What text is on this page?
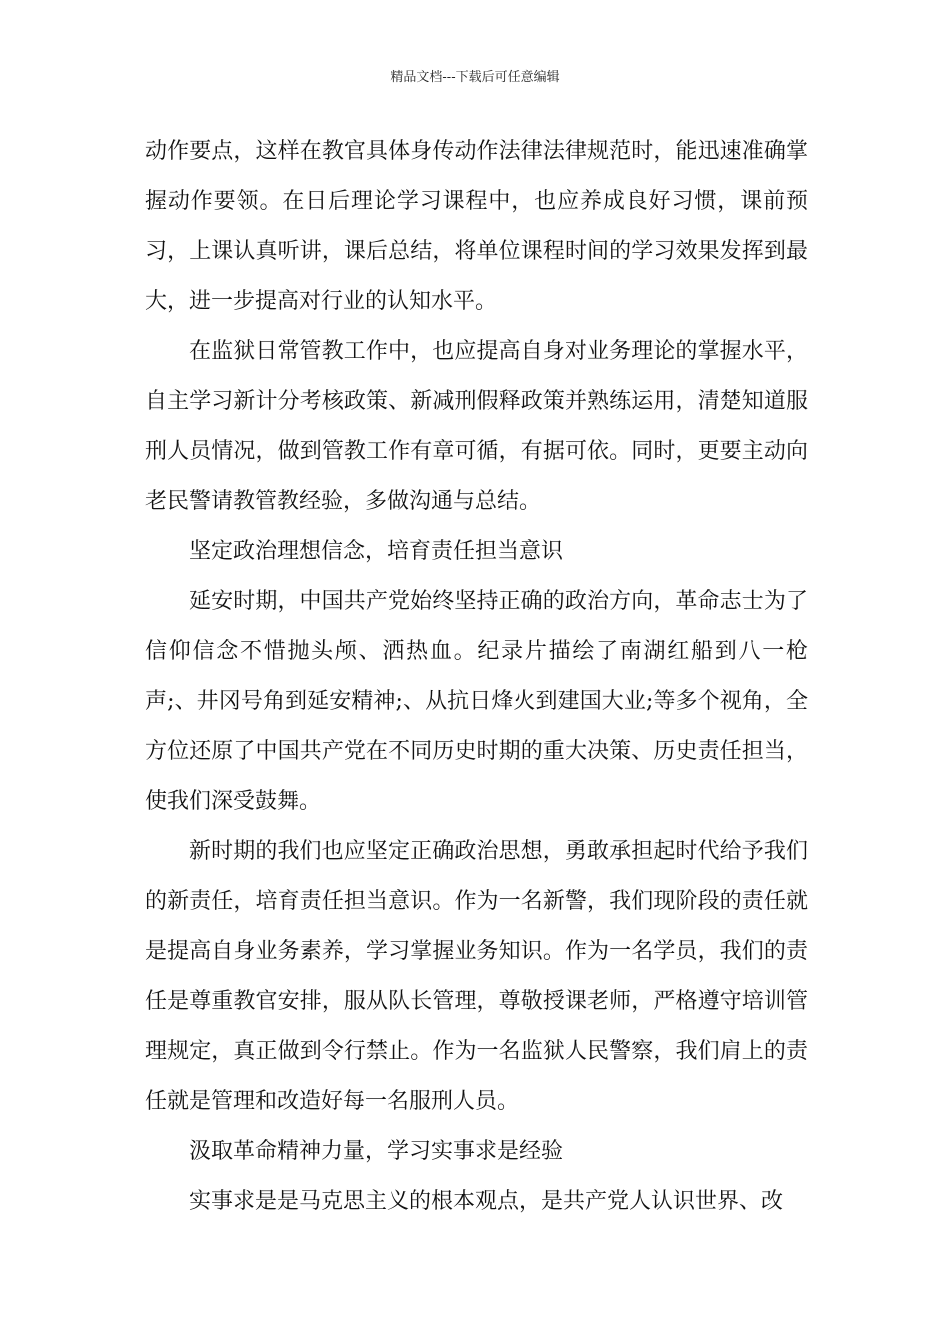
精品文档---下载后可任意编辑

动作要点，这样在教官具体身传动作法律法律规范时，能迅速准确掌握动作要领。在日后理论学习课程中，也应养成良好习惯，课前预习，上课认真听讲，课后总结，将单位课程时间的学习效果发挥到最大，进一步提高对行业的认知水平。

在监狱日常管教工作中，也应提高自身对业务理论的掌握水平，自主学习新计分考核政策、新减刑假释政策并熟练运用，清楚知道服刑人员情况，做到管教工作有章可循，有据可依。同时，更要主动向老民警请教管教经验，多做沟通与总结。

坚定政治理想信念，培育责任担当意识

延安时期，中国共产党始终坚持正确的政治方向，革命志士为了信仰信念不惜抛头颅、洒热血。纪录片描绘了南湖红船到八一枪声;、井冈号角到延安精神;、从抗日烽火到建国大业;等多个视角，全方位还原了中国共产党在不同历史时期的重大决策、历史责任担当，使我们深受鼓舞。

新时期的我们也应坚定正确政治思想，勇敢承担起时代给予我们的新责任，培育责任担当意识。作为一名新警，我们现阶段的责任就是提高自身业务素养，学习掌握业务知识。作为一名学员，我们的责任是尊重教官安排，服从队长管理，尊敬授课老师，严格遵守培训管理规定，真正做到令行禁止。作为一名监狱人民警察，我们肩上的责任就是管理和改造好每一名服刑人员。

汲取革命精神力量，学习实事求是经验

实事求是是马克思主义的根本观点，是共产党人认识世界、改
